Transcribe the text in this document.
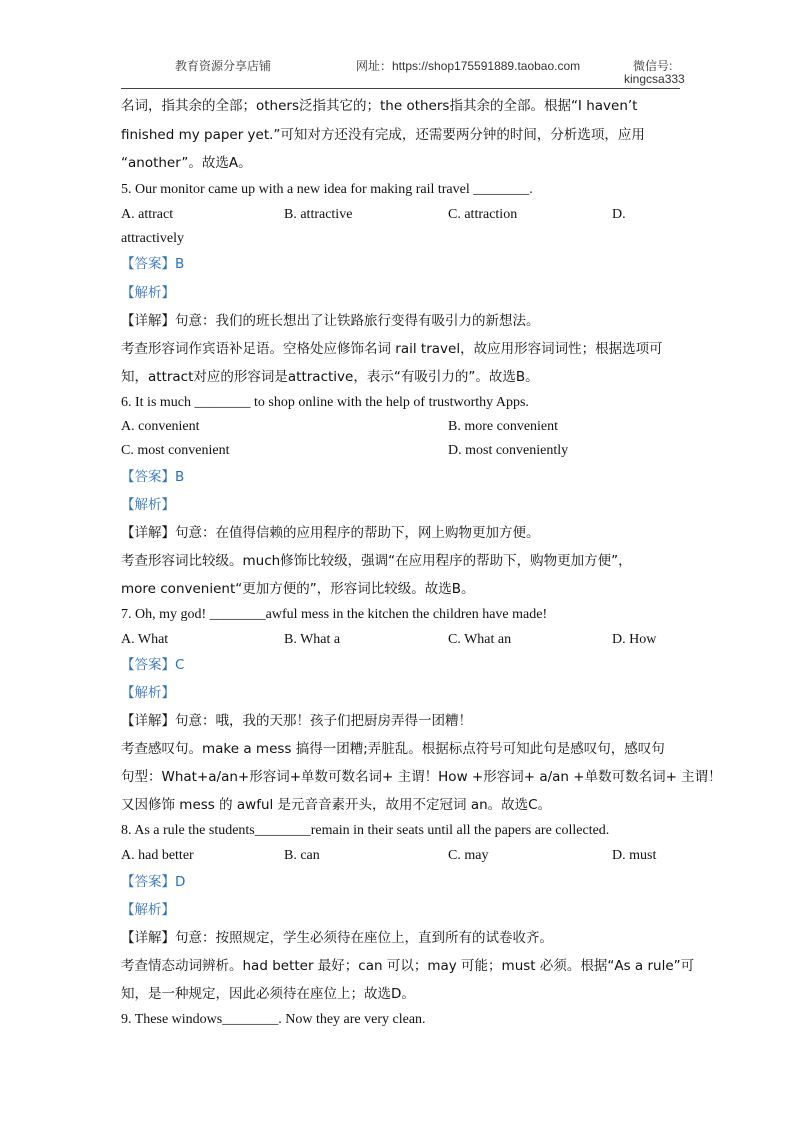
教育资源分享店铺	网址：https://shop175591889.taobao.com	微信号:
kingcsa333
名词，指其余的全部；others泛指其它的；the others指其余的全部。根据“I haven’t
finished my paper yet.”可知对方还没有完成，还需要两分钟的时间，分析选项，应用
“another”。故选A。
5. Our monitor came up with a new idea for making rail travel ________.
A. attract	B. attractive	C. attraction	D.
attractively
【答案】B
【解析】
【详解】句意：我们的班长想出了让铁路旅行变得有吸引力的新想法。
考查形容词作宾语补足语。空格处应修饰名词 rail travel，故应用形容词词性；根据选项可
知，attract对应的形容词是attractive，表示“有吸引力的”。故选B。
6. It is much ________ to shop online with the help of trustworthy Apps.
A. convenient	B. more convenient
C. most convenient	D. most conveniently
【答案】B
【解析】
【详解】句意：在值得信赖的应用程序的帮助下，网上购物更加方便。
考查形容词比较级。much修饰比较级，强调“在应用程序的帮助下，购物更加方便”，
more convenient“更加方便的”，形容词比较级。故选B。
7. Oh, my god! ________awful mess in the kitchen the children have made!
A. What	B. What a	C. What an	D. How
【答案】C
【解析】
【详解】句意：哦，我的天那！孩子们把厨房弄得一团糟！
考查感叹句。make a mess 搞得一团糟;弄脏乱。根据标点符号可知此句是感叹句，感叹句
句型：What+a/an+形容词+单数可数名词+ 主谓！How +形容词+ a/an +单数可数名词+ 主谓！
又因修饰 mess 的 awful 是元音音素开头，故用不定冠词 an。故选C。
8. As a rule the students________remain in their seats until all the papers are collected.
A. had better	B. can	C. may	D. must
【答案】D
【解析】
【详解】句意：按照规定，学生必须待在座位上，直到所有的试卷收齐。
考查情态动词辨析。had better 最好；can 可以；may 可能；must 必须。根据“As a rule”可
知，是一种规定，因此必须待在座位上；故选D。
9. These windows________. Now they are very clean.
